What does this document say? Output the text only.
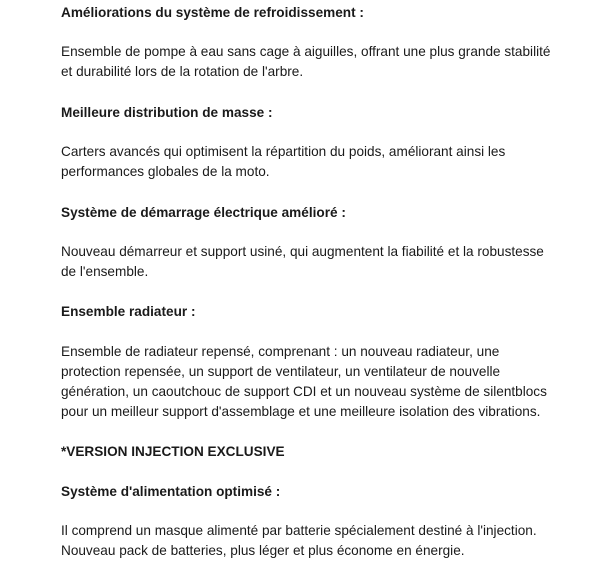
Améliorations du système de refroidissement :
Ensemble de pompe à eau sans cage à aiguilles, offrant une plus grande stabilité
et durabilité lors de la rotation de l'arbre.
Meilleure distribution de masse :
Carters avancés qui optimisent la répartition du poids, améliorant ainsi les
performances globales de la moto.
Système de démarrage électrique amélioré :
Nouveau démarreur et support usiné, qui augmentent la fiabilité et la robustesse
de l'ensemble.
Ensemble radiateur :
Ensemble de radiateur repensé, comprenant : un nouveau radiateur, une
protection repensée, un support de ventilateur, un ventilateur de nouvelle
génération, un caoutchouc de support CDI et un nouveau système de silentblocs
pour un meilleur support d'assemblage et une meilleure isolation des vibrations.
*VERSION INJECTION EXCLUSIVE
Système d'alimentation optimisé :
Il comprend un masque alimenté par batterie spécialement destiné à l'injection.
Nouveau pack de batteries, plus léger et plus économe en énergie.
